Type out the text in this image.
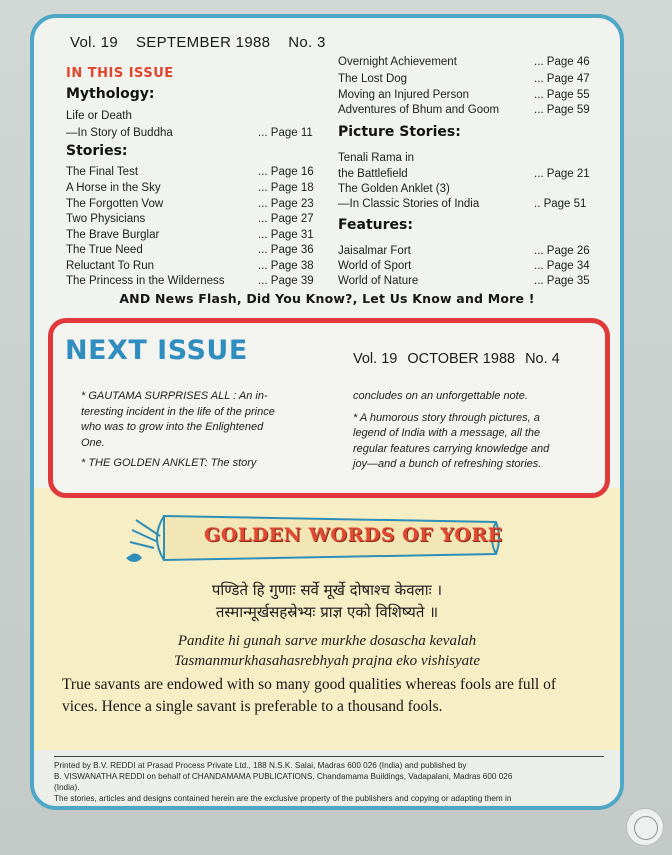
Vol. 19 SEPTEMBER 1988 No. 3
IN THIS ISSUE
Mythology:
Life or Death
—In Story of Buddha	... Page 11
Stories:
The Final Test	... Page 16
A Horse in the Sky	... Page 18
The Forgotten Vow	... Page 23
Two Physicians	... Page 27
The Brave Burglar	... Page 31
The True Need	... Page 36
Reluctant To Run	... Page 38
The Princess in the Wilderness	... Page 39
Overnight Achievement	... Page 46
The Lost Dog	... Page 47
Moving an Injured Person	... Page 55
Adventures of Bhum and Goom	... Page 59
Picture Stories:
Tenali Rama in
the Battlefield	... Page 21
The Golden Anklet (3)
—In Classic Stories of India	.. Page 51
Features:
Jaisalmar Fort	... Page 26
World of Sport	... Page 34
World of Nature	... Page 35
AND News Flash, Did You Know?, Let Us Know and More !
NEXT ISSUE	Vol. 19 OCTOBER 1988 No. 4
* GAUTAMA SURPRISES ALL : An in-
teresting incident in the life of the prince
who was to grow into the Enlightened
One.
* THE GOLDEN ANKLET: The story
concludes on an unforgettable note.
* A humorous story through pictures, a
legend of India with a message, all the
regular features carrying knowledge and
joy—and a bunch of refreshing stories.
GOLDEN WORDS OF YORE
पण्डिते हि गुणाः सर्वे मूर्खे दोषाश्च केवलाः ।
तस्मान्मूर्खसहस्रेभ्यः प्राज्ञ एको विशिष्यते ॥
Pandite hi gunah sarve murkhe dosascha kevalah
Tasmanmurkhasahasrebhyah prajna eko vishisyate
True savants are endowed with so many good qualities whereas fools are full of
vices. Hence a single savant is preferable to a thousand fools.
Printed by B.V. REDDI at Prasad Process Private Ltd., 188 N.S.K. Salai, Madras 600 026 (India) and published by
B. VISWANATHA REDDI on behalf of CHANDAMAMA PUBLICATIONS, Chandamama Buildings, Vadapalani, Madras 600 026
(India).
The stories, articles and designs contained herein are the exclusive property of the publishers and copying or adapting them in
any manner will be dealt with according to law.
